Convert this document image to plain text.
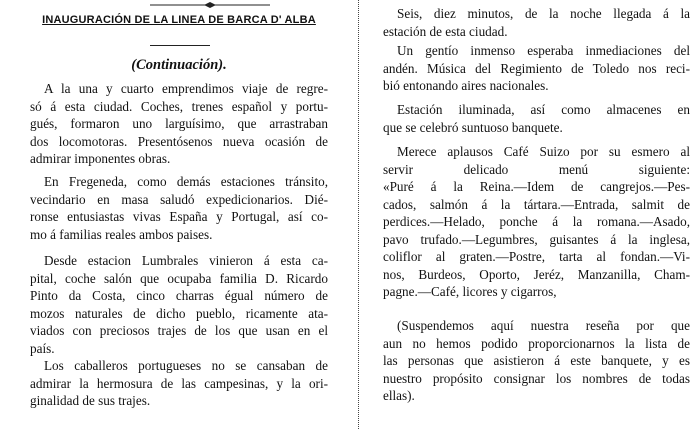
INAUGURACIÓN DE LA LINEA DE BARCA D' ALBA
(Continuación).
A la una y cuarto emprendimos viaje de regre-
só á esta ciudad. Coches, trenes español y portu-
gués, formaron uno larguísimo, que arrastraban
dos locomotoras. Presentósenos nueva ocasión de
admirar imponentes obras.
En Fregeneda, como demás estaciones tránsito,
vecindario en masa saludó expedicionarios. Dié-
ronse entusiastas vivas España y Portugal, así co-
mo á familias reales ambos paises.
Desde estacion Lumbrales vinieron á esta ca-
pital, coche salón que ocupaba familia D. Ricardo
Pinto da Costa, cinco charras égual número de
mozos naturales de dicho pueblo, ricamente ata-
viados con preciosos trajes de los que usan en el
país.
Los caballeros portugueses no se cansaban de
admirar la hermosura de las campesinas, y la ori-
ginalidad de sus trajes.
Seis, diez minutos, de la noche llegada á la
estación de esta ciudad.
Un gentío inmenso esperaba inmediaciones del
andén. Música del Regimiento de Toledo nos reci-
bió entonando aires nacionales.
Estación iluminada, así como almacenes en
que se celebró suntuoso banquete.
Merece aplausos Café Suizo por su esmero al
servir delicado menú siguiente:
«Puré á la Reina.—Idem de cangrejos.—Pes-
cados, salmón á la tártara.—Entrada, salmit de
perdices.—Helado, ponche á la romana.—Asado,
pavo trufado.—Legumbres, guisantes á la inglesa,
coliflor al graten.—Postre, tarta al fondan.—Vi-
nos, Burdeos, Oporto, Jeréz, Manzanilla, Cham-
pagne.—Café, licores y cigarros,
(Suspendemos aquí nuestra reseña por que
aun no hemos podido proporcionarnos la lista de
las personas que asistieron á este banquete, y es
nuestro propósito consignar los nombres de todas
ellas).
